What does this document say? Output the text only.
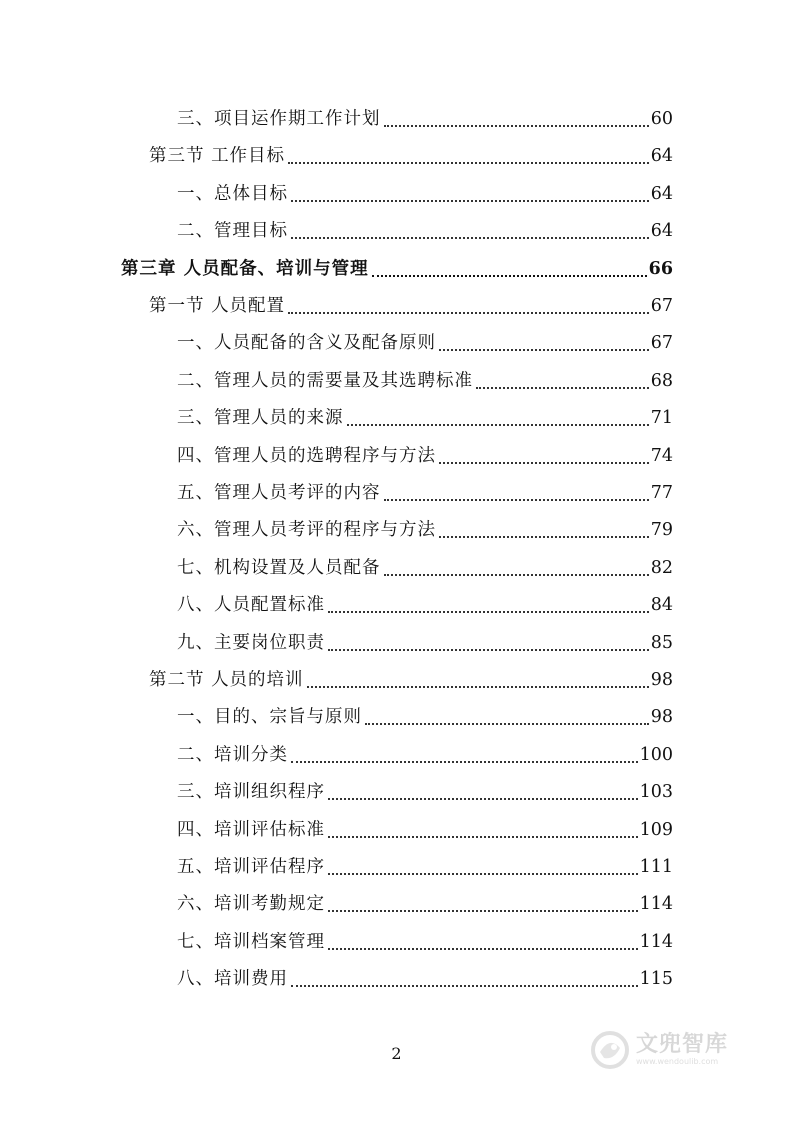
三、项目运作期工作计划	60
第三节 工作目标	64
一、总体目标	64
二、管理目标	64
第三章 人员配备、培训与管理	66
第一节 人员配置	67
一、人员配备的含义及配备原则	67
二、管理人员的需要量及其选聘标准	68
三、管理人员的来源	71
四、管理人员的选聘程序与方法	74
五、管理人员考评的内容	77
六、管理人员考评的程序与方法	79
七、机构设置及人员配备	82
八、人员配置标准	84
九、主要岗位职责	85
第二节 人员的培训	98
一、目的、宗旨与原则	98
二、培训分类	100
三、培训组织程序	103
四、培训评估标准	109
五、培训评估程序	111
六、培训考勤规定	114
七、培训档案管理	114
八、培训费用	115
2	文兜智库
www.wendoulib.com
